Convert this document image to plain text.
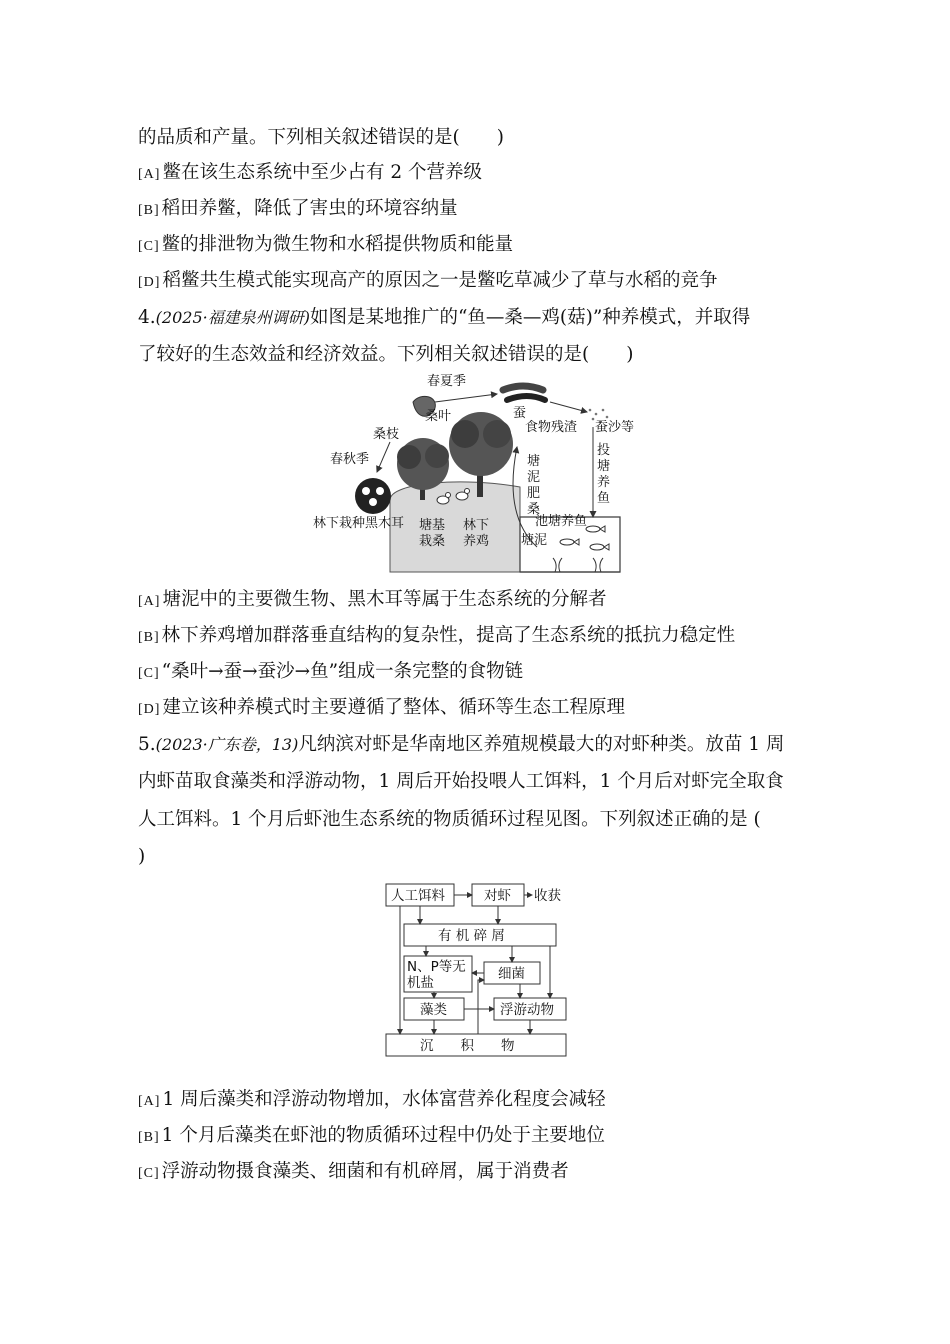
的品质和产量。下列相关叙述错误的是(　　)
[A] 鳖在该生态系统中至少占有 2 个营养级
[B] 稻田养鳖，降低了害虫的环境容纳量
[C] 鳖的排泄物为微生物和水稻提供物质和能量
[D] 稻鳖共生模式能实现高产的原因之一是鳖吃草减少了草与水稻的竞争
4.(2025·福建泉州调研)如图是某地推广的“鱼—桑—鸡(菇)”种养模式，并取得
了较好的生态效益和经济效益。下列相关叙述错误的是(　　)
春夏季
桑叶	蚕
食物残渣 蚕沙等
投
塘
养
鱼
桑枝
春秋季	塘
泥
肥
桑
池塘养鱼
林下栽种黑木耳 塘基
栽桑
林下
养鸡 塘泥
[A] 塘泥中的主要微生物、黑木耳等属于生态系统的分解者
[B] 林下养鸡增加群落垂直结构的复杂性，提高了生态系统的抵抗力稳定性
[C] “桑叶→蚕→蚕沙→鱼”组成一条完整的食物链
[D] 建立该种养模式时主要遵循了整体、循环等生态工程原理
5.(2023·广东卷，13)凡纳滨对虾是华南地区养殖规模最大的对虾种类。放苗 1 周
内虾苗取食藻类和浮游动物，1 周后开始投喂人工饵料，1 个月后对虾完全取食
人工饵料。1 个月后虾池生态系统的物质循环过程见图。下列叙述正确的是 (
)
人工饵料	对虾 收获
有 机 碎 屑
N、P等无
机盐
细菌
藻类	浮游动物
沉　　积　　物
[A] 1 周后藻类和浮游动物增加，水体富营养化程度会减轻
[B] 1 个月后藻类在虾池的物质循环过程中仍处于主要地位
[C] 浮游动物摄食藻类、细菌和有机碎屑，属于消费者
